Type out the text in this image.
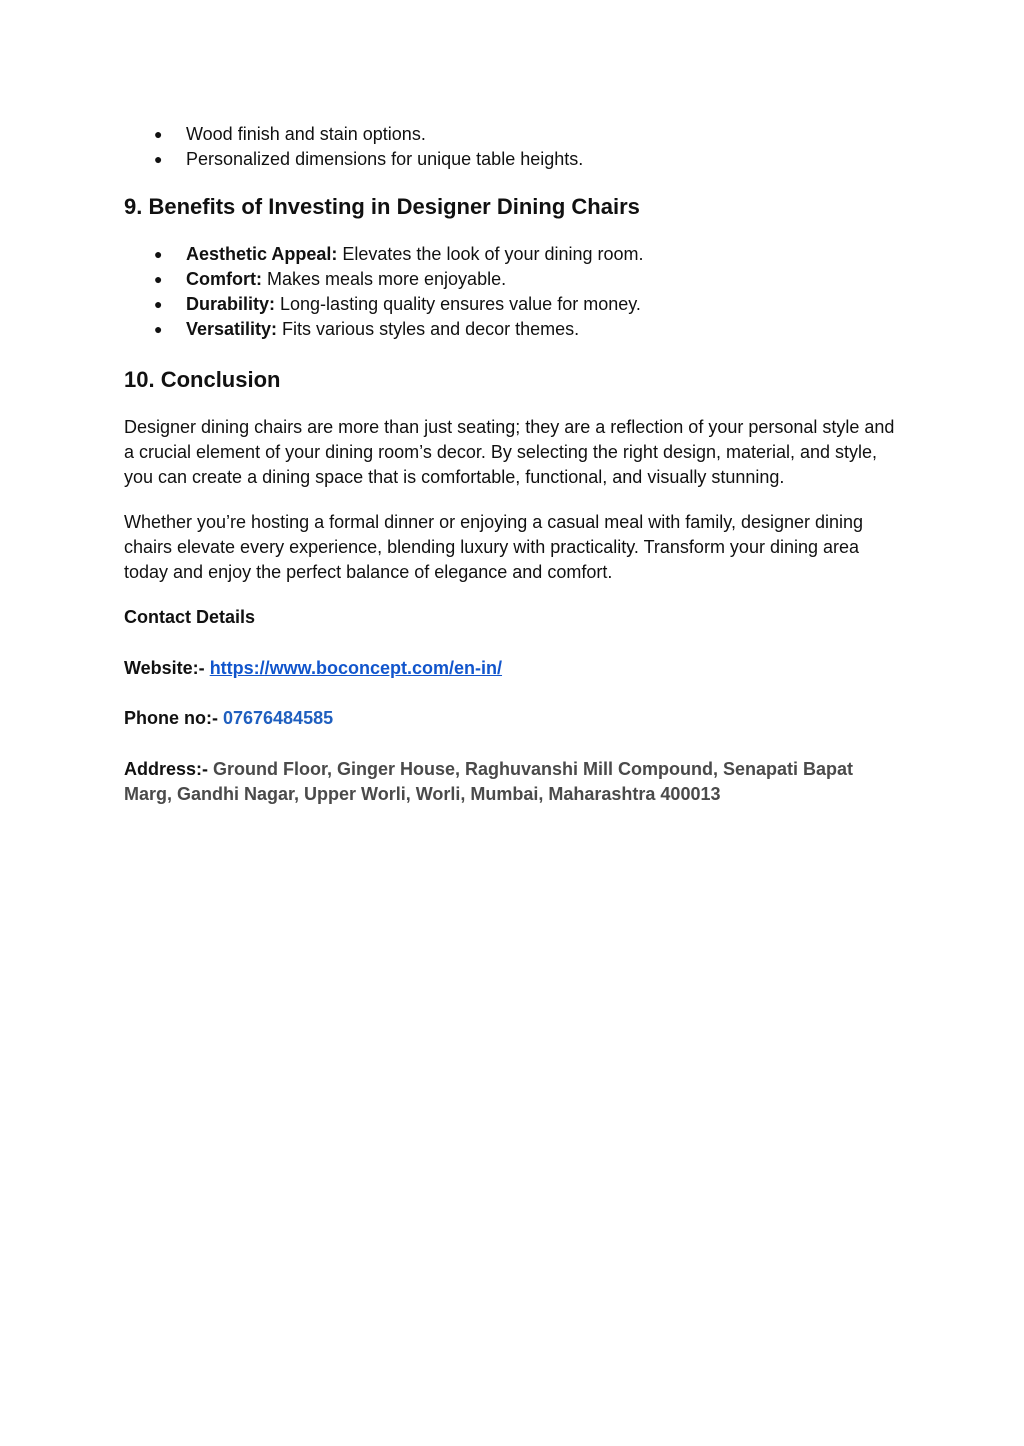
● Wood finish and stain options.
● Personalized dimensions for unique table heights.
9. Benefits of Investing in Designer Dining Chairs
● Aesthetic Appeal: Elevates the look of your dining room.
● Comfort: Makes meals more enjoyable.
● Durability: Long-lasting quality ensures value for money.
● Versatility: Fits various styles and decor themes.
10. Conclusion

Designer dining chairs are more than just seating; they are a reflection of your personal style and a crucial element of your dining room’s decor. By selecting the right design, material, and style, you can create a dining space that is comfortable, functional, and visually stunning.

Whether you’re hosting a formal dinner or enjoying a casual meal with family, designer dining chairs elevate every experience, blending luxury with practicality. Transform your dining area today and enjoy the perfect balance of elegance and comfort.

Contact Details

Website:- https://www.boconcept.com/en-in/

Phone no:- 07676484585

Address:- Ground Floor, Ginger House, Raghuvanshi Mill Compound, Senapati Bapat Marg, Gandhi Nagar, Upper Worli, Worli, Mumbai, Maharashtra 400013
